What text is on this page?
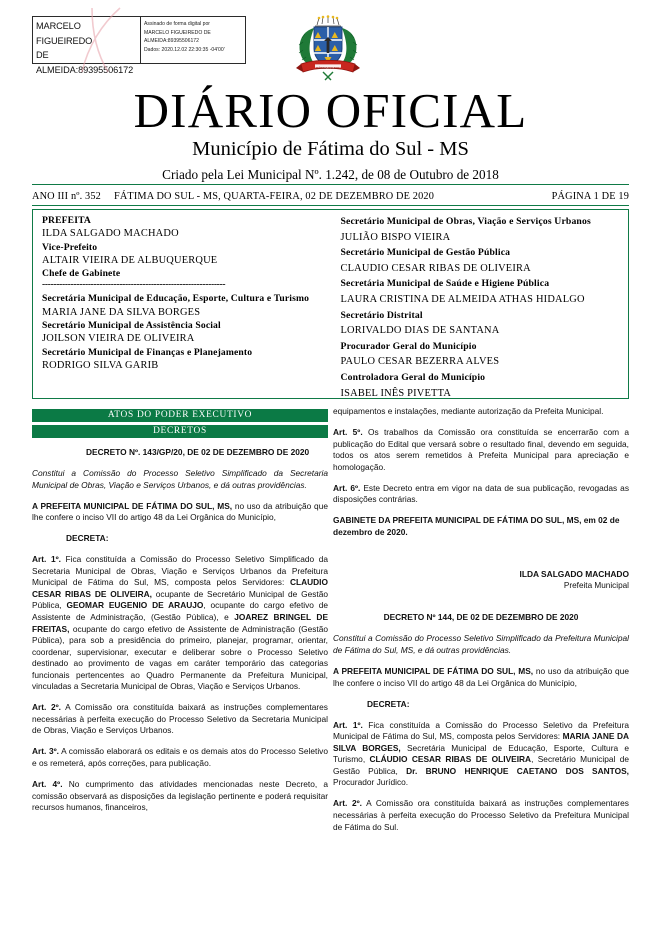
MARCELO FIGUEIREDO
DE
ALMEIDA:89395506172
Assinado de forma digital por
MARCELO FIGUEIREDO DE
ALMEIDA:89395506172
Dados: 2020.12.02 22:30:35 -04'00'
FÁTIMA DO SUL
DIÁRIO OFICIAL
Município de Fátima do Sul - MS
Criado pela Lei Municipal Nº. 1.242, de 08 de Outubro de 2018
ANO III nº. 352 FÁTIMA DO SUL - MS, QUARTA-FEIRA, 02 DE DEZEMBRO DE 2020	PÁGINA 1 DE 19
PREFEITA
ILDA SALGADO MACHADO
Vice-Prefeito
ALTAIR VIEIRA DE ALBUQUERQUE
Chefe de Gabinete
----------------------------------------------------------------
Secretária Municipal de Educação, Esporte, Cultura e Turismo
MARIA JANE DA SILVA BORGES
Secretário Municipal de Assistência Social
JOILSON VIEIRA DE OLIVEIRA
Secretário Municipal de Finanças e Planejamento
RODRIGO SILVA GARIB
Secretário Municipal de Obras, Viação e Serviços Urbanos
JULIÃO BISPO VIEIRA
Secretário Municipal de Gestão Pública
CLAUDIO CESAR RIBAS DE OLIVEIRA
Secretária Municipal de Saúde e Higiene Pública
LAURA CRISTINA DE ALMEIDA ATHAS HIDALGO
Secretário Distrital
LORIVALDO DIAS DE SANTANA
Procurador Geral do Município
PAULO CESAR BEZERRA ALVES
Controladora Geral do Município
ISABEL INÊS PIVETTA
ATOS DO PODER EXECUTIVO
DECRETOS

DECRETO Nº. 143/GP/20, DE 02 DE DEZEMBRO DE 2020

Constitui a Comissão do Processo Seletivo Simplificado da Secretaria Municipal de Obras, Viação e Serviços Urbanos, e dá outras providências.

A PREFEITA MUNICIPAL DE FÁTIMA DO SUL, MS, no uso da atribuição que lhe confere o inciso VII do artigo 48 da Lei Orgânica do Município,

DECRETA:

Art. 1º. Fica constituída a Comissão do Processo Seletivo Simplificado da Secretaria Municipal de Obras, Viação e Serviços Urbanos da Prefeitura Municipal de Fátima do Sul, MS, composta pelos Servidores: CLAUDIO CESAR RIBAS DE OLIVEIRA, ocupante de Secretário Municipal de Gestão Pública, GEOMAR EUGENIO DE ARAUJO, ocupante do cargo efetivo de Assistente de Administração, (Gestão Pública), e JOAREZ BRINGEL DE FREITAS, ocupante do cargo efetivo de Assistente de Administração (Gestão Pública), para sob a presidência do primeiro, planejar, programar, orientar, coordenar, supervisionar, executar e deliberar sobre o Processo Seletivo destinado ao provimento de vagas em caráter temporário das categorias funcionais pertencentes ao Quadro Permanente da Prefeitura Municipal, vinculadas a Secretaria Municipal de Obras, Viação e Serviços Urbanos.

Art. 2º. A Comissão ora constituída baixará as instruções complementares necessárias à perfeita execução do Processo Seletivo da Secretaria Municipal de Obras, Viação e Serviços Urbanos.

Art. 3º. A comissão elaborará os editais e os demais atos do Processo Seletivo e os remeterá, após correções, para publicação.

Art. 4º. No cumprimento das atividades mencionadas neste Decreto, a comissão observará as disposições da legislação pertinente e poderá requisitar recursos humanos, financeiros,

equipamentos e instalações, mediante autorização da Prefeita Municipal.

Art. 5º. Os trabalhos da Comissão ora constituída se encerrarão com a publicação do Edital que versará sobre o resultado final, devendo em seguida, todos os atos serem remetidos à Prefeita Municipal para apreciação e homologação.

Art. 6º. Este Decreto entra em vigor na data de sua publicação, revogadas as disposições contrárias.

GABINETE DA PREFEITA MUNICIPAL DE FÁTIMA DO SUL, MS, em 02 de dezembro de 2020.

ILDA SALGADO MACHADO

Prefeita Municipal

DECRETO Nº 144, DE 02 DE DEZEMBRO DE 2020

Constitui a Comissão do Processo Seletivo Simplificado da Prefeitura Municipal de Fátima do Sul, MS, e dá outras providências.

A PREFEITA MUNICIPAL DE FÁTIMA DO SUL, MS, no uso da atribuição que lhe confere o inciso VII do artigo 48 da Lei Orgânica do Município,

DECRETA:

Art. 1º. Fica constituída a Comissão do Processo Seletivo da Prefeitura Municipal de Fátima do Sul, MS, composta pelos Servidores: MARIA JANE DA SILVA BORGES, Secretária Municipal de Educação, Esporte, Cultura e Turismo, CLÁUDIO CESAR RIBAS DE OLIVEIRA, Secretário Municipal de Gestão Pública, Dr. BRUNO HENRIQUE CAETANO DOS SANTOS, Procurador Jurídico.

Art. 2º. A Comissão ora constituída baixará as instruções complementares necessárias à perfeita execução do Processo Seletivo da Prefeitura Municipal de Fátima do Sul.
